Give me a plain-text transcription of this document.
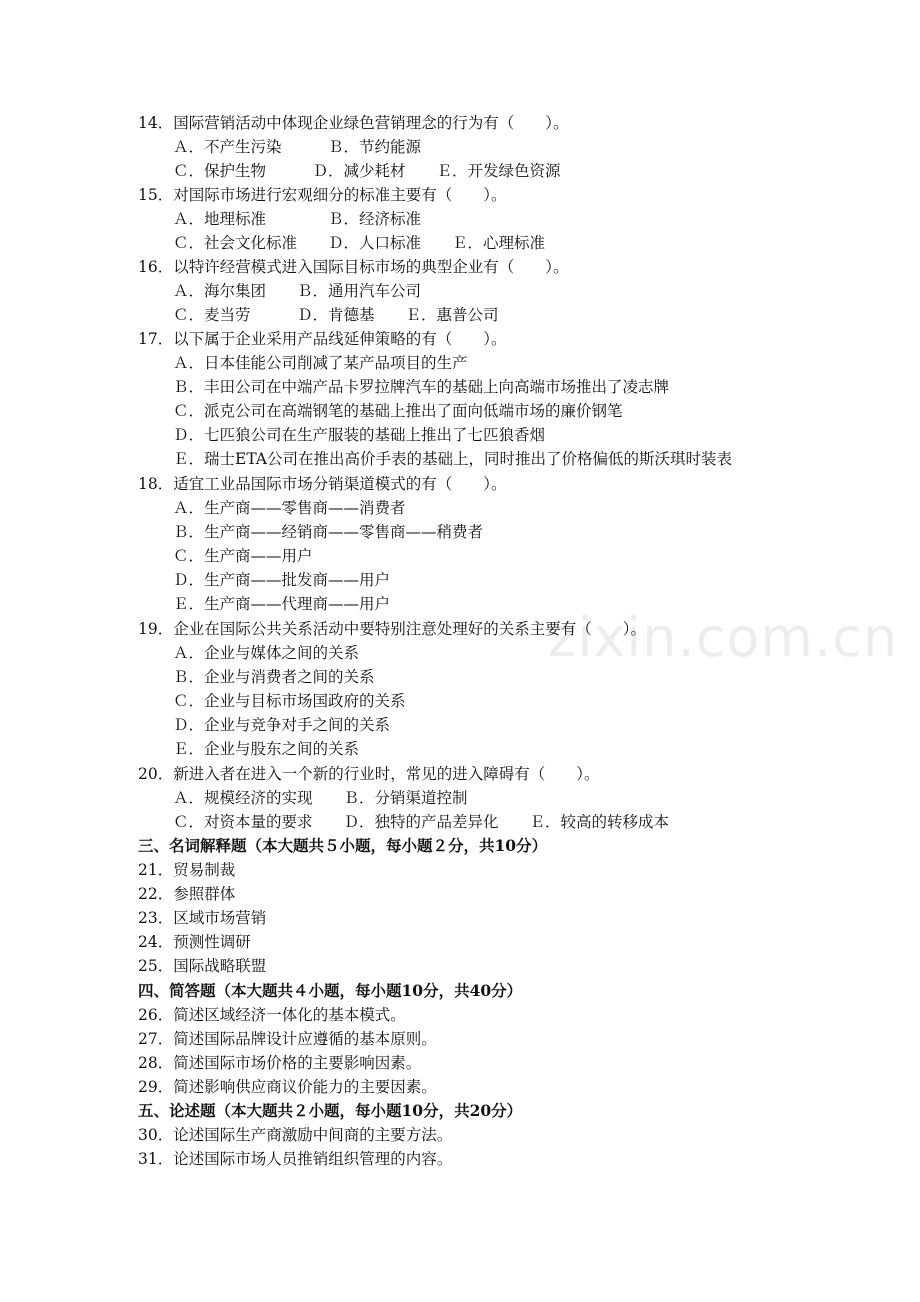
zixin.com.cn
14．国际营销活动中体现企业绿色营销理念的行为有（　　）。
Ａ．不产生污染　　　Ｂ．节约能源
Ｃ．保护生物　　　Ｄ．减少耗材　　Ｅ．开发绿色资源
15．对国际市场进行宏观细分的标准主要有（　　）。
Ａ．地理标准　　　　Ｂ．经济标准
Ｃ．社会文化标准　　Ｄ．人口标准　　Ｅ．心理标准
16．以特许经营模式进入国际目标市场的典型企业有（　　）。
Ａ．海尔集团　　Ｂ．通用汽车公司
Ｃ．麦当劳　　　Ｄ．肯德基　　Ｅ．惠普公司
17．以下属于企业采用产品线延伸策略的有（　　）。
Ａ．日本佳能公司削减了某产品项目的生产
Ｂ．丰田公司在中端产品卡罗拉牌汽车的基础上向高端市场推出了凌志牌
Ｃ．派克公司在高端钢笔的基础上推出了面向低端市场的廉价钢笔
Ｄ．七匹狼公司在生产服装的基础上推出了七匹狼香烟
Ｅ．瑞士ETA公司在推出高价手表的基础上，同时推出了价格偏低的斯沃琪时装表
18．适宜工业品国际市场分销渠道模式的有（　　）。
Ａ．生产商——零售商——消费者
Ｂ．生产商——经销商——零售商——稍费者
Ｃ．生产商——用户
Ｄ．生产商——批发商——用户
Ｅ．生产商——代理商——用户
19．企业在国际公共关系活动中要特别注意处理好的关系主要有（　　）。
Ａ．企业与媒体之间的关系
Ｂ．企业与消费者之间的关系
Ｃ．企业与目标市场国政府的关系
Ｄ．企业与竞争对手之间的关系
Ｅ．企业与股东之间的关系
20．新进入者在进入一个新的行业时，常见的进入障碍有（　　）。
Ａ．规模经济的实现　　Ｂ．分销渠道控制
Ｃ．对资本量的要求　　Ｄ．独特的产品差异化　　Ｅ．较高的转移成本
三、名词解释题（本大题共５小题，每小题２分，共10分）
21．贸易制裁
22．参照群体
23．区域市场营销
24．预测性调研
25．国际战略联盟
四、简答题（本大题共４小题，每小题10分，共40分）
26．简述区域经济一体化的基本模式。
27．简述国际品牌设计应遵循的基本原则。
28．简述国际市场价格的主要影响因素。
29．简述影响供应商议价能力的主要因素。
五、论述题（本大题共２小题，每小题10分，共20分）
30．论述国际生产商激励中间商的主要方法。
31．论述国际市场人员推销组织管理的内容。
